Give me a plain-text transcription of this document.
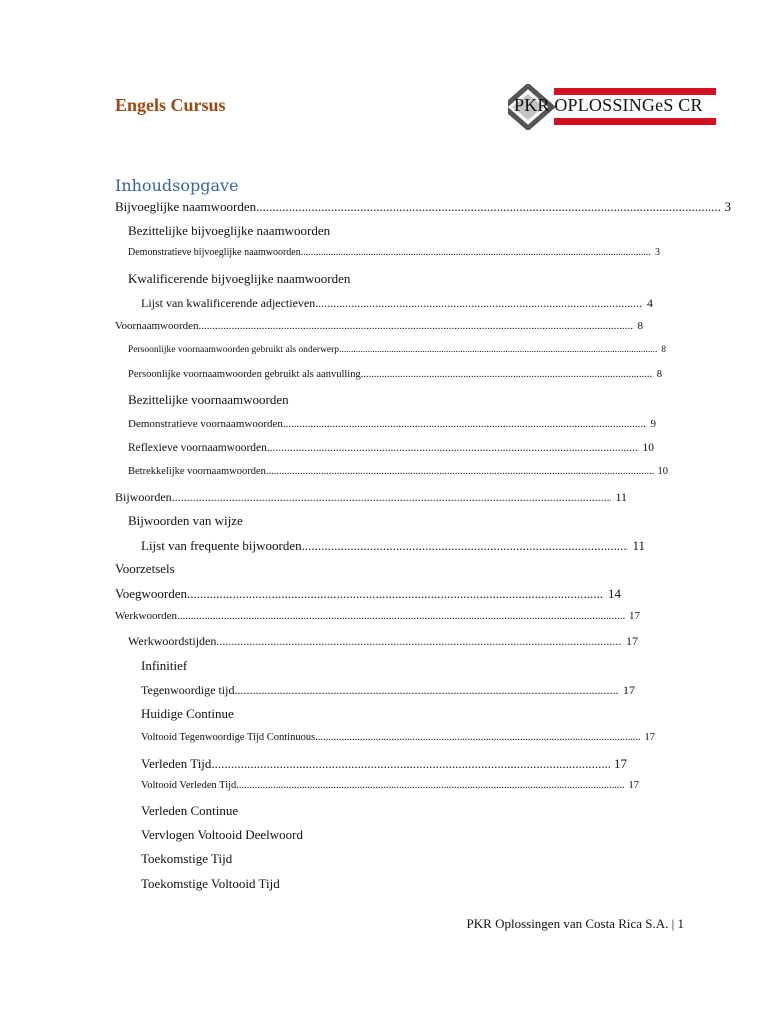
Engels Cursus	PKR OPLOSSINGeS CR
Inhoudsopgave
Bijvoeglijke naamwoorden .....	3
Bezittelijke bijvoeglijke naamwoorden
Demonstratieve bijvoeglijke naamwoorden .....	3
Kwalificerende bijvoeglijke naamwoorden
Lijst van kwalificerende adjectieven .....	4
Voornaamwoorden .....	8
Persoonlijke voornaamwoorden gebruikt als onderwerp .....	8
Persoonlijke voornaamwoorden gebruikt als aanvulling .....	8
Bezittelijke voornaamwoorden
Demonstratieve voornaamwoorden .....	9
Reflexieve voornaamwoorden .....	10
Betrekkelijke voornaamwoorden .....	10
Bijwoorden .....	11
Bijwoorden van wijze
Lijst van frequente bijwoorden .....	11
Voorzetsels
Voegwoorden .....	14
Werkwoorden .....	17
Werkwoordstijden .....	17
Infinitief
Tegenwoordige tijd .....	17
Huidige Continue
Voltooid Tegenwoordige Tijd Continuous .....	17
Verleden Tijd .....	17
Voltooid Verleden Tijd .....	17
Verleden Continue
Vervlogen Voltooid Deelwoord
Toekomstige Tijd
Toekomstige Voltooid Tijd
PKR Oplossingen van Costa Rica S.A. | 1
